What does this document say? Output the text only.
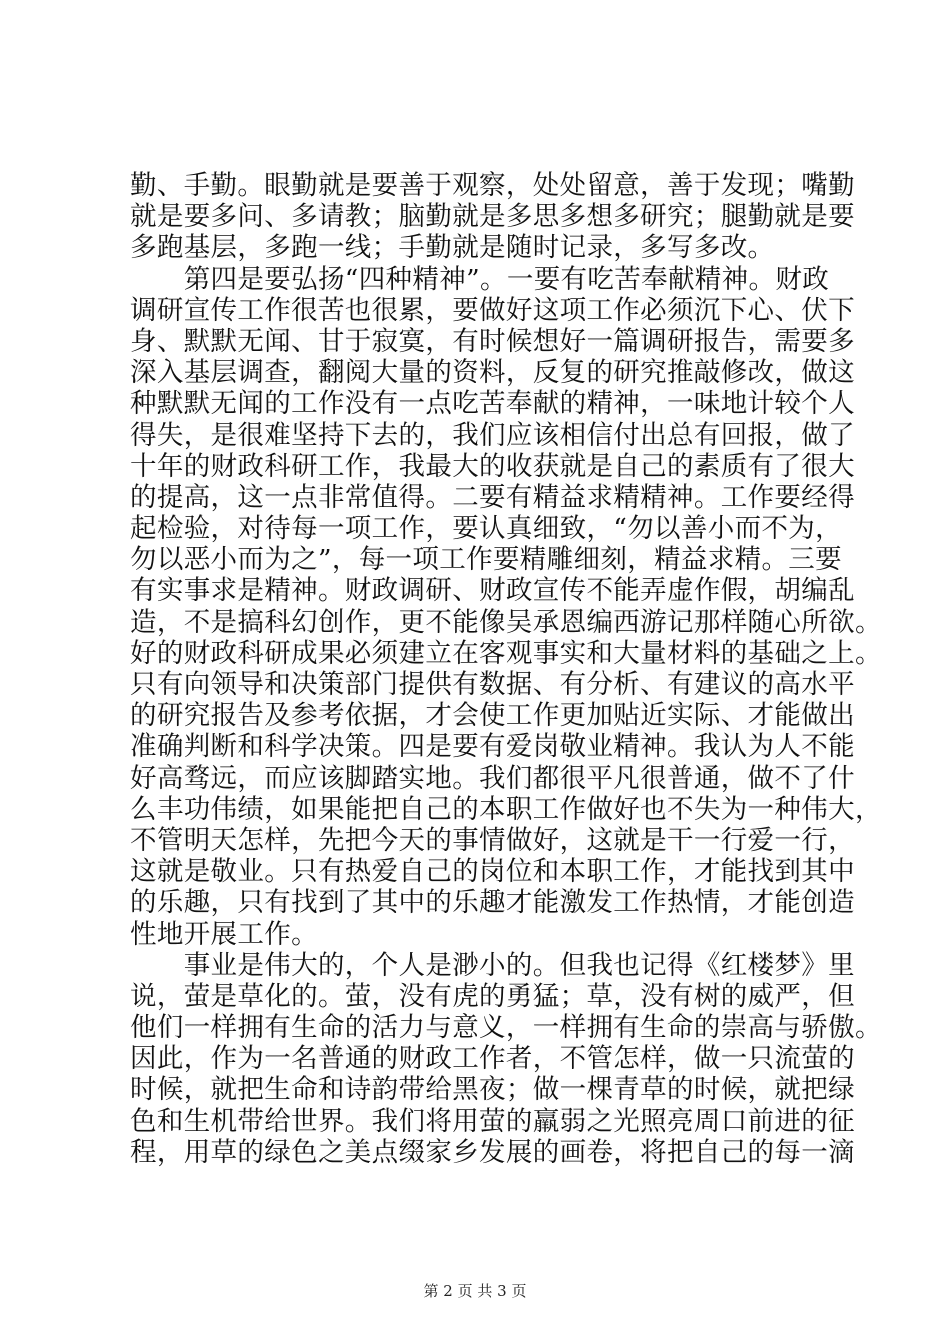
勤、手勤。眼勤就是要善于观察，处处留意，善于发现；嘴勤
就是要多问、多请教；脑勤就是多思多想多研究；腿勤就是要
多跑基层，多跑一线；手勤就是随时记录，多写多改。
　　第四是要弘扬“四种精神”。一要有吃苦奉献精神。财政
调研宣传工作很苦也很累，要做好这项工作必须沉下心、伏下
身、默默无闻、甘于寂寞，有时候想好一篇调研报告，需要多
深入基层调查，翻阅大量的资料，反复的研究推敲修改，做这
种默默无闻的工作没有一点吃苦奉献的精神，一味地计较个人
得失，是很难坚持下去的，我们应该相信付出总有回报，做了
十年的财政科研工作，我最大的收获就是自己的素质有了很大
的提高，这一点非常值得。二要有精益求精精神。工作要经得
起检验，对待每一项工作，要认真细致，“勿以善小而不为，
勿以恶小而为之”，每一项工作要精雕细刻，精益求精。三要
有实事求是精神。财政调研、财政宣传不能弄虚作假，胡编乱
造，不是搞科幻创作，更不能像吴承恩编西游记那样随心所欲。
好的财政科研成果必须建立在客观事实和大量材料的基础之上。
只有向领导和决策部门提供有数据、有分析、有建议的高水平
的研究报告及参考依据，才会使工作更加贴近实际、才能做出
准确判断和科学决策。四是要有爱岗敬业精神。我认为人不能
好高骛远，而应该脚踏实地。我们都很平凡很普通，做不了什
么丰功伟绩，如果能把自己的本职工作做好也不失为一种伟大，
不管明天怎样，先把今天的事情做好，这就是干一行爱一行，
这就是敬业。只有热爱自己的岗位和本职工作，才能找到其中
的乐趣，只有找到了其中的乐趣才能激发工作热情，才能创造
性地开展工作。
　　事业是伟大的，个人是渺小的。但我也记得《红楼梦》里
说，萤是草化的。萤，没有虎的勇猛；草，没有树的威严，但
他们一样拥有生命的活力与意义，一样拥有生命的崇高与骄傲。
因此，作为一名普通的财政工作者，不管怎样，做一只流萤的
时候，就把生命和诗韵带给黑夜；做一棵青草的时候，就把绿
色和生机带给世界。我们将用萤的羸弱之光照亮周口前进的征
程，用草的绿色之美点缀家乡发展的画卷，将把自己的每一滴
第 2 页 共 3 页
